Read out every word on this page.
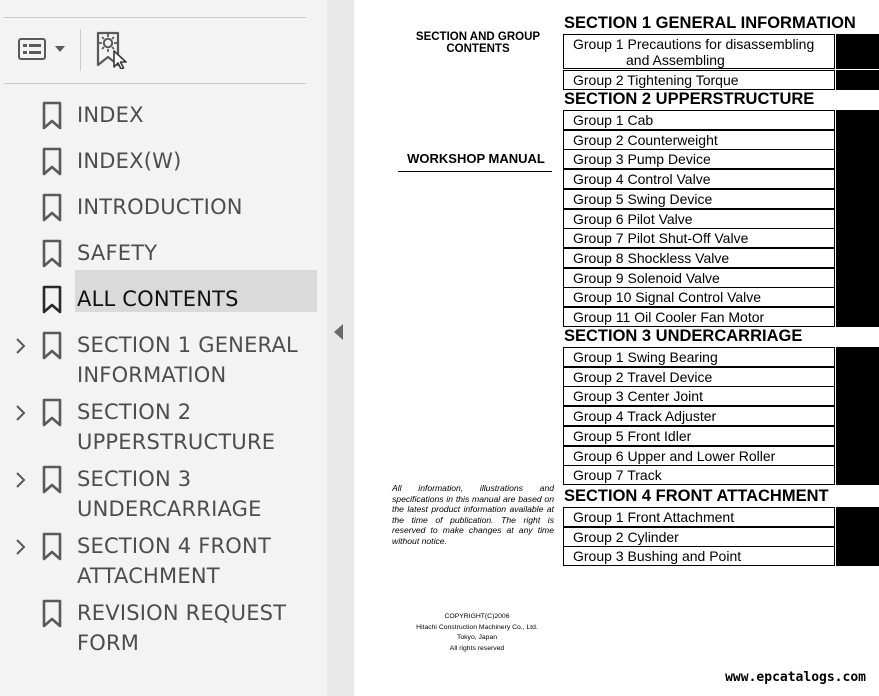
INDEX
INDEX(W)
INTRODUCTION
SAFETY
ALL CONTENTS
SECTION 1 GENERAL
INFORMATION
SECTION 2
UPPERSTRUCTURE
SECTION 3
UNDERCARRIAGE
SECTION 4 FRONT
ATTACHMENT
REVISION REQUEST
FORM
SECTION AND GROUP CONTENTS
WORKSHOP MANUAL
SECTION 1 GENERAL INFORMATION
Group 1 Precautions for disassembling
and Assembling
Group 2 Tightening Torque
SECTION 2 UPPERSTRUCTURE
Group 1 Cab
Group 2 Counterweight
Group 3 Pump Device
Group 4 Control Valve
Group 5 Swing Device
Group 6 Pilot Valve
Group 7 Pilot Shut-Off Valve
Group 8 Shockless Valve
Group 9 Solenoid Valve
Group 10 Signal Control Valve
Group 11 Oil Cooler Fan Motor
SECTION 3 UNDERCARRIAGE
Group 1 Swing Bearing
Group 2 Travel Device
Group 3 Center Joint
Group 4 Track Adjuster
Group 5 Front Idler
Group 6 Upper and Lower Roller
Group 7 Track
SECTION 4 FRONT ATTACHMENT
Group 1 Front Attachment
Group 2 Cylinder
Group 3 Bushing and Point
All information, illustrations and specifications in this manual are based on the latest product information available at the time of publication. The right is reserved to make changes at any time without notice.
COPYRIGHT(C)2006
Hitachi Construction Machinery Co., Ltd.
Tokyo, Japan
All rights reserved
www.epcatalogs.com
